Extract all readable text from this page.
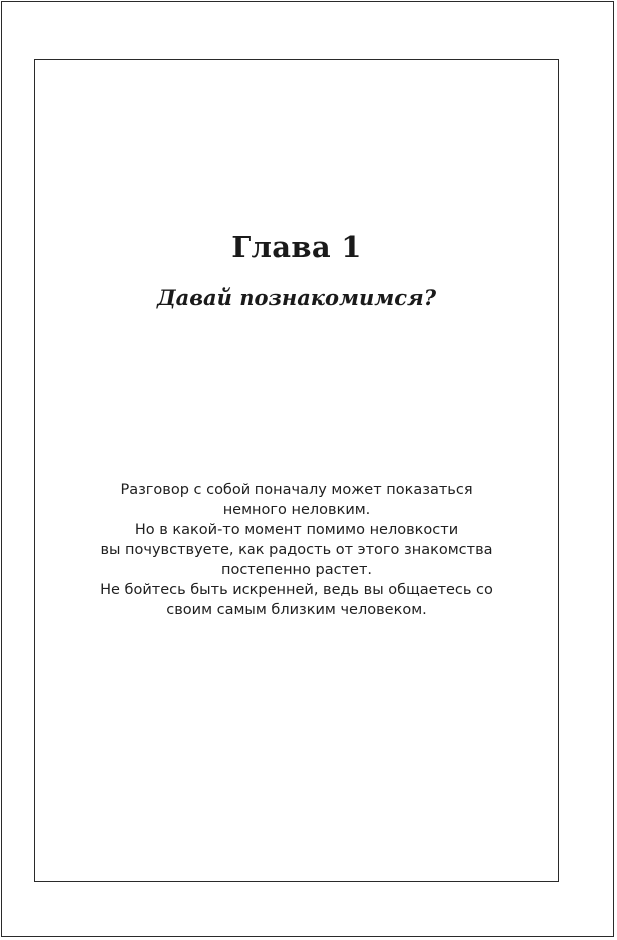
Глава 1
Давай познакомимся?

Разговор с собой поначалу может показаться
немного неловким.
Но в какой-то момент помимо неловкости
вы почувствуете, как радость от этого знакомства
постепенно растет.
Не бойтесь быть искренней, ведь вы общаетесь со
своим самым близким человеком.
